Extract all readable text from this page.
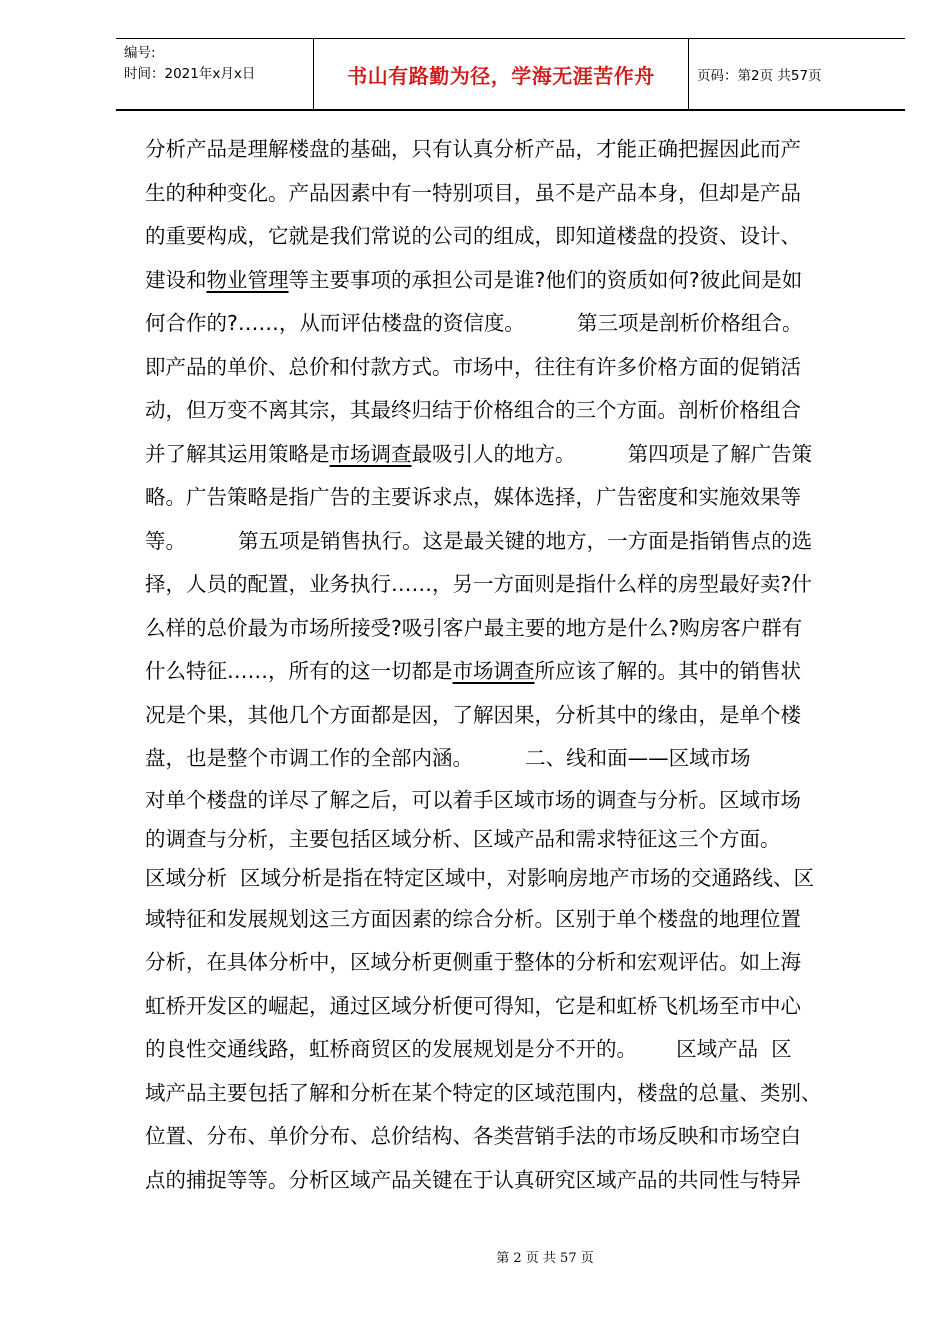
编号:
时间：2021年x月x日	书山有路勤为径，学海无涯苦作舟	页码：第2页 共57页
分析产品是理解楼盘的基础，只有认真分析产品，才能正确把握因此而产
生的种种变化。产品因素中有一特别项目，虽不是产品本身，但却是产品
的重要构成，它就是我们常说的公司的组成，即知道楼盘的投资、设计、
建设和物业管理等主要事项的承担公司是谁?他们的资质如何?彼此间是如
何合作的?……，从而评估楼盘的资信度。        第三项是剖析价格组合。
即产品的单价、总价和付款方式。市场中，往往有许多价格方面的促销活
动，但万变不离其宗，其最终归结于价格组合的三个方面。剖析价格组合
并了解其运用策略是市场调查最吸引人的地方。        第四项是了解广告策
略。广告策略是指广告的主要诉求点，媒体选择，广告密度和实施效果等
等。        第五项是销售执行。这是最关键的地方，一方面是指销售点的选
择，人员的配置，业务执行……，另一方面则是指什么样的房型最好卖?什
么样的总价最为市场所接受?吸引客户最主要的地方是什么?购房客户群有
什么特征……，所有的这一切都是市场调查所应该了解的。其中的销售状
况是个果，其他几个方面都是因，了解因果，分析其中的缘由，是单个楼
盘，也是整个市调工作的全部内涵。        二、线和面——区域市场
对单个楼盘的详尽了解之后，可以着手区域市场的调查与分析。区域市场
的调查与分析，主要包括区域分析、区域产品和需求特征这三个方面。
区域分析  区域分析是指在特定区域中，对影响房地产市场的交通路线、区
域特征和发展规划这三方面因素的综合分析。区别于单个楼盘的地理位置
分析，在具体分析中，区域分析更侧重于整体的分析和宏观评估。如上海
虹桥开发区的崛起，通过区域分析便可得知，它是和虹桥飞机场至市中心
的良性交通线路，虹桥商贸区的发展规划是分不开的。      区域产品  区
域产品主要包括了解和分析在某个特定的区域范围内，楼盘的总量、类别、
位置、分布、单价分布、总价结构、各类营销手法的市场反映和市场空白
点的捕捉等等。分析区域产品关键在于认真研究区域产品的共同性与特异
第 2 页 共 57 页
